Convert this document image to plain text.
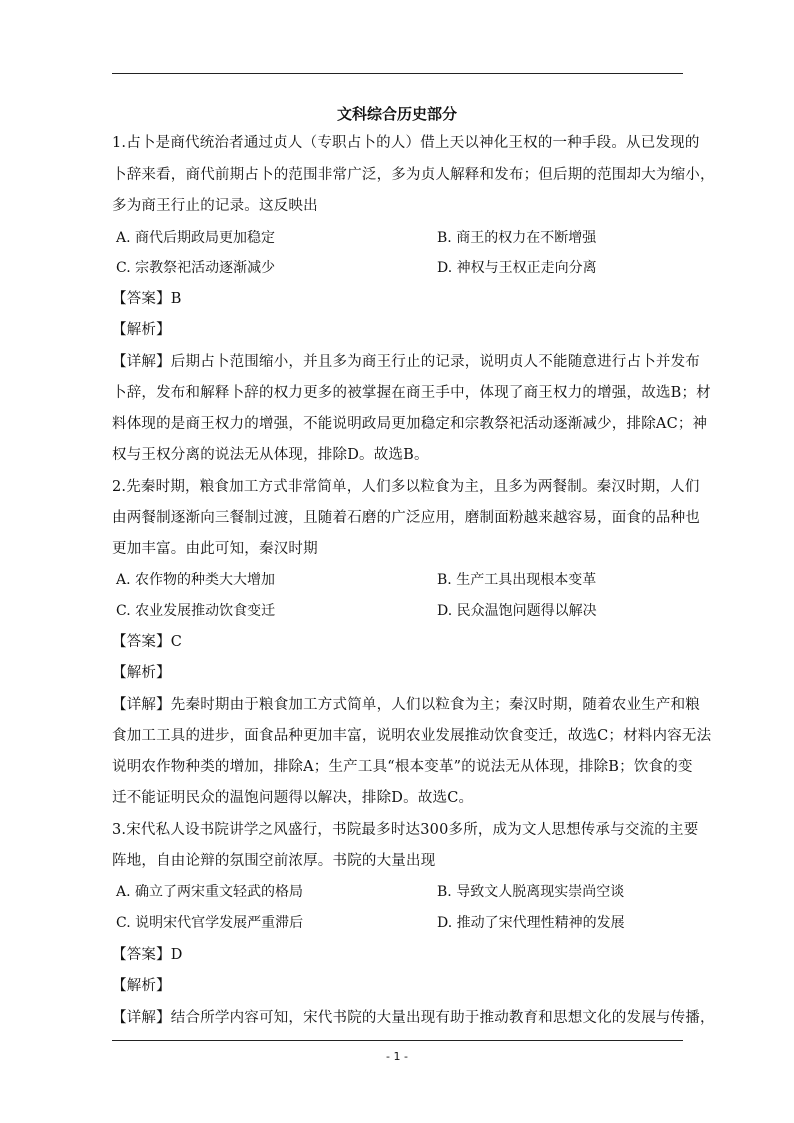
文科综合历史部分
1.占卜是商代统治者通过贞人（专职占卜的人）借上天以神化王权的一种手段。从已发现的
卜辞来看，商代前期占卜的范围非常广泛，多为贞人解释和发布；但后期的范围却大为缩小，
多为商王行止的记录。这反映出
A. 商代后期政局更加稳定	B. 商王的权力在不断增强
C. 宗教祭祀活动逐渐减少	D. 神权与王权正走向分离
【答案】B
【解析】
【详解】后期占卜范围缩小，并且多为商王行止的记录，说明贞人不能随意进行占卜并发布
卜辞，发布和解释卜辞的权力更多的被掌握在商王手中，体现了商王权力的增强，故选B；材
料体现的是商王权力的增强，不能说明政局更加稳定和宗教祭祀活动逐渐减少，排除AC；神
权与王权分离的说法无从体现，排除D。故选B。
2.先秦时期，粮食加工方式非常简单，人们多以粒食为主，且多为两餐制。秦汉时期，人们
由两餐制逐渐向三餐制过渡，且随着石磨的广泛应用，磨制面粉越来越容易，面食的品种也
更加丰富。由此可知，秦汉时期
A. 农作物的种类大大增加	B. 生产工具出现根本变革
C. 农业发展推动饮食变迁	D. 民众温饱问题得以解决
【答案】C
【解析】
【详解】先秦时期由于粮食加工方式简单，人们以粒食为主；秦汉时期，随着农业生产和粮
食加工工具的进步，面食品种更加丰富，说明农业发展推动饮食变迁，故选C；材料内容无法
说明农作物种类的增加，排除A；生产工具“根本变革”的说法无从体现，排除B；饮食的变
迁不能证明民众的温饱问题得以解决，排除D。故选C。
3.宋代私人设书院讲学之风盛行，书院最多时达300多所，成为文人思想传承与交流的主要
阵地，自由论辩的氛围空前浓厚。书院的大量出现
A. 确立了两宋重文轻武的格局	B. 导致文人脱离现实崇尚空谈
C. 说明宋代官学发展严重滞后	D. 推动了宋代理性精神的发展
【答案】D
【解析】
【详解】结合所学内容可知，宋代书院的大量出现有助于推动教育和思想文化的发展与传播，
- 1 -
